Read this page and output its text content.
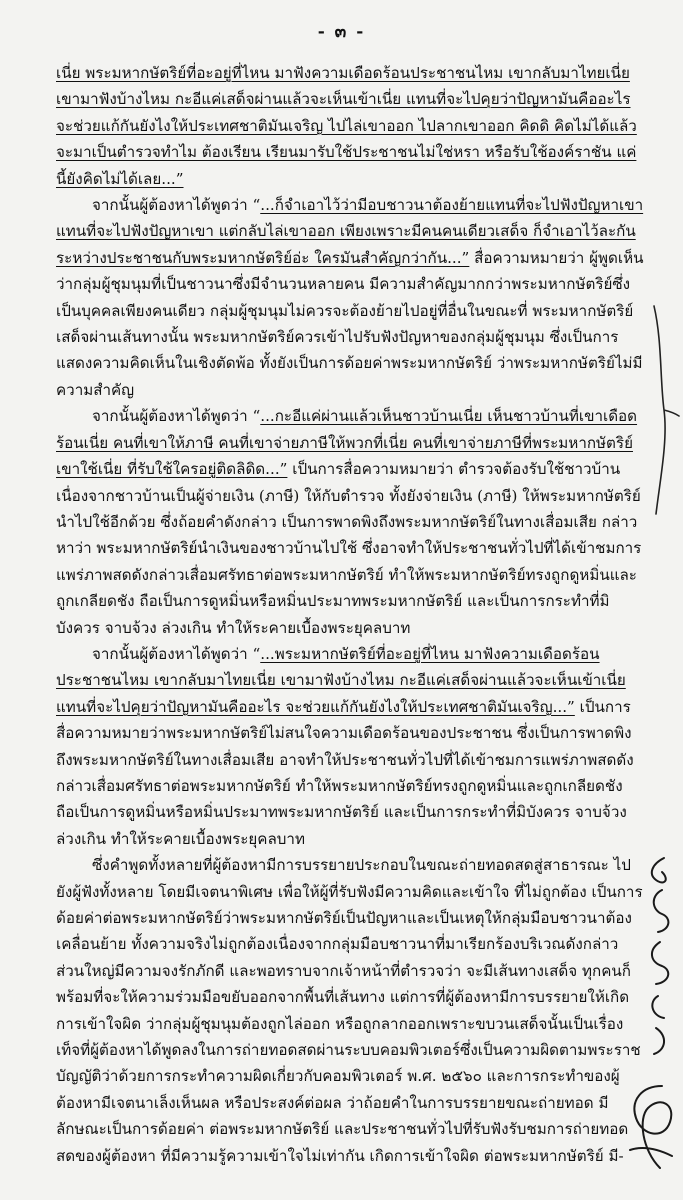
- ๓ -

เนี่ย พระมหากษัตริย์ที่อะอยู่ที่ไหน มาฟังความเดือดร้อนประชาชนไหม เขากลับมาไทยเนี่ย เขามาฟังบ้างไหม กะอีแค่เสด็จผ่านแล้วจะเห็นเข้าเนี่ย แทนที่จะไปคุยว่าปัญหามันคืออะไร จะช่วยแก้กันยังไงให้ประเทศชาติมันเจริญ ไปไล่เขาออก ไปลากเขาออก คิดดิ คิดไม่ได้แล้วจะมาเป็นตำรวจทำไม ต้องเรียน เรียนมารับใช้ประชาชนไม่ใช่หรา หรือรับใช้องค์ราชัน แค่นี้ยังคิดไม่ได้เลย...”

จากนั้นผู้ต้องหาได้พูดว่า “...ก็จำเอาไว้ว่ามีอบชาวนาต้องย้ายแทนที่จะไปฟังปัญหาเขา แทนที่จะไปฟังปัญหาเขา แต่กลับไล่เขาออก เพียงเพราะมีคนคนเดียวเสด็จ ก็จำเอาไว้ละกัน ระหว่างประชาชนกับพระมหากษัตริย์อ่ะ ใครมันสำคัญกว่ากัน...” สื่อความหมายว่า ผู้พูดเห็นว่ากลุ่มผู้ชุมนุมที่เป็นชาวนาซึ่งมีจำนวนหลายคน มีความสำคัญมากกว่าพระมหากษัตริย์ซึ่งเป็นบุคคลเพียงคนเดียว กลุ่มผู้ชุมนุมไม่ควรจะต้องย้ายไปอยู่ที่อื่นในขณะที่ พระมหากษัตริย์เสด็จผ่านเส้นทางนั้น พระมหากษัตริย์ควรเข้าไปรับฟังปัญหาของกลุ่มผู้ชุมนุม ซึ่งเป็นการแสดงความคิดเห็นในเชิงตัดพ้อ ทั้งยังเป็นการด้อยค่าพระมหากษัตริย์ ว่าพระมหากษัตริย์ไม่มีความสำคัญ

จากนั้นผู้ต้องหาได้พูดว่า “...กะอีแค่ผ่านแล้วเห็นชาวบ้านเนี่ย เห็นชาวบ้านที่เขาเดือดร้อนเนี่ย คนที่เขาให้ภาษี คนที่เขาจ่ายภาษีให้พวกที่เนี่ย คนที่เขาจ่ายภาษีที่พระมหากษัตริย์เขาใช้เนี่ย ที่รับใช้ใครอยู่ติดลิดิด...” เป็นการสื่อความหมายว่า ตำรวจต้องรับใช้ชาวบ้าน เนื่องจากชาวบ้านเป็นผู้จ่ายเงิน (ภาษี) ให้กับตำรวจ ทั้งยังจ่ายเงิน (ภาษี) ให้พระมหากษัตริย์นำไปใช้อีกด้วย ซึ่งถ้อยคำดังกล่าว เป็นการพาดพิงถึงพระมหากษัตริย์ในทางเสื่อมเสีย กล่าวหาว่า พระมหากษัตริย์นำเงินของชาวบ้านไปใช้ ซึ่งอาจทำให้ประชาชนทั่วไปที่ได้เข้าชมการแพร่ภาพสดดังกล่าวเสื่อมศรัทธาต่อพระมหากษัตริย์ ทำให้พระมหากษัตริย์ทรงถูกดูหมิ่นและถูกเกลียดชัง ถือเป็นการดูหมิ่นหรือหมิ่นประมาทพระมหากษัตริย์ และเป็นการกระทำที่มิบังควร จาบจ้วง ล่วงเกิน ทำให้ระคายเบื้องพระยุคลบาท

จากนั้นผู้ต้องหาได้พูดว่า “...พระมหากษัตริย์ที่อะอยู่ที่ไหน มาฟังความเดือดร้อนประชาชนไหม เขากลับมาไทยเนี่ย เขามาฟังบ้างไหม กะอีแค่เสด็จผ่านแล้วจะเห็นเข้าเนี่ย แทนที่จะไปคุยว่าปัญหามันคืออะไร จะช่วยแก้กันยังไงให้ประเทศชาติมันเจริญ...” เป็นการสื่อความหมายว่าพระมหากษัตริย์ไม่สนใจความเดือดร้อนของประชาชน ซึ่งเป็นการพาดพิงถึงพระมหากษัตริย์ในทางเสื่อมเสีย อาจทำให้ประชาชนทั่วไปที่ได้เข้าชมการแพร่ภาพสดดังกล่าวเสื่อมศรัทธาต่อพระมหากษัตริย์ ทำให้พระมหากษัตริย์ทรงถูกดูหมิ่นและถูกเกลียดชัง ถือเป็นการดูหมิ่นหรือหมิ่นประมาทพระมหากษัตริย์ และเป็นการกระทำที่มิบังควร จาบจ้วง ล่วงเกิน ทำให้ระคายเบื้องพระยุคลบาท

ซึ่งคำพูดทั้งหลายที่ผู้ต้องหามีการบรรยายประกอบในขณะถ่ายทอดสดสู่สาธารณะ ไปยังผู้ฟังทั้งหลาย โดยมีเจตนาพิเศษ เพื่อให้ผู้ที่รับฟังมีความคิดและเข้าใจ ที่ไม่ถูกต้อง เป็นการด้อยค่าต่อพระมหากษัตริย์ว่าพระมหากษัตริย์เป็นปัญหาและเป็นเหตุให้กลุ่มมือบชาวนาต้องเคลื่อนย้าย ทั้งความจริงไม่ถูกต้องเนื่องจากกลุ่มมือบชาวนาที่มาเรียกร้องบริเวณดังกล่าว ส่วนใหญ่มีความจงรักภักดี และพอทราบจากเจ้าหน้าที่ตำรวจว่า จะมีเส้นทางเสด็จ ทุกคนก็พร้อมที่จะให้ความร่วมมือขยับออกจากพื้นที่เส้นทาง แต่การที่ผู้ต้องหามีการบรรยายให้เกิดการเข้าใจผิด ว่ากลุ่มผู้ชุมนุมต้องถูกไล่ออก หรือถูกลากออกเพราะขบวนเสด็จนั้นเป็นเรื่องเท็จที่ผู้ต้องหาได้พูดลงในการถ่ายทอดสดผ่านระบบคอมพิวเตอร์ซึ่งเป็นความผิดตามพระราชบัญญัติว่าด้วยการกระทำความผิดเกี่ยวกับคอมพิวเตอร์ พ.ศ. ๒๕๖๐ และการกระทำของผู้ต้องหามีเจตนาเล็งเห็นผล หรือประสงค์ต่อผล ว่าถ้อยคำในการบรรยายขณะถ่ายทอด มีลักษณะเป็นการด้อยค่า ต่อพระมหากษัตริย์ และประชาชนทั่วไปที่รับฟังรับชมการถ่ายทอดสดของผู้ต้องหา ที่มีความรู้ความเข้าใจไม่เท่ากัน เกิดการเข้าใจผิด ต่อพระมหากษัตริย์ มี-
